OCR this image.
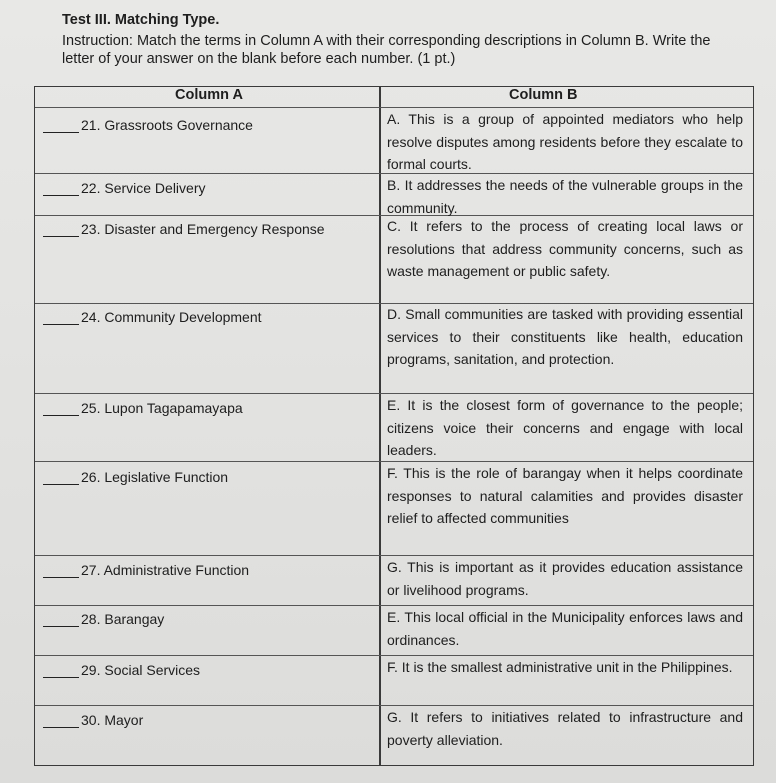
Test III. Matching Type.
Instruction: Match the terms in Column A with their corresponding descriptions in Column B. Write the letter of your answer on the blank before each number. (1 pt.)
Column A	Column B
21. Grassroots Governance
22. Service Delivery
23. Disaster and Emergency Response
24. Community Development
25. Lupon Tagapamayapa
26. Legislative Function
27. Administrative Function
28. Barangay
29. Social Services
30. Mayor
A. This is a group of appointed mediators who help resolve disputes among residents before they escalate to formal courts.
B. It addresses the needs of the vulnerable groups in the community.
C. It refers to the process of creating local laws or resolutions that address community concerns, such as waste management or public safety.
D. Small communities are tasked with providing essential services to their constituents like health, education programs, sanitation, and protection.
E. It is the closest form of governance to the people; citizens voice their concerns and engage with local leaders.
F. This is the role of barangay when it helps coordinate responses to natural calamities and provides disaster relief to affected communities
G. This is important as it provides education assistance or livelihood programs.
E. This local official in the Municipality enforces laws and ordinances.
F. It is the smallest administrative unit in the Philippines.
G. It refers to initiatives related to infrastructure and poverty alleviation.
